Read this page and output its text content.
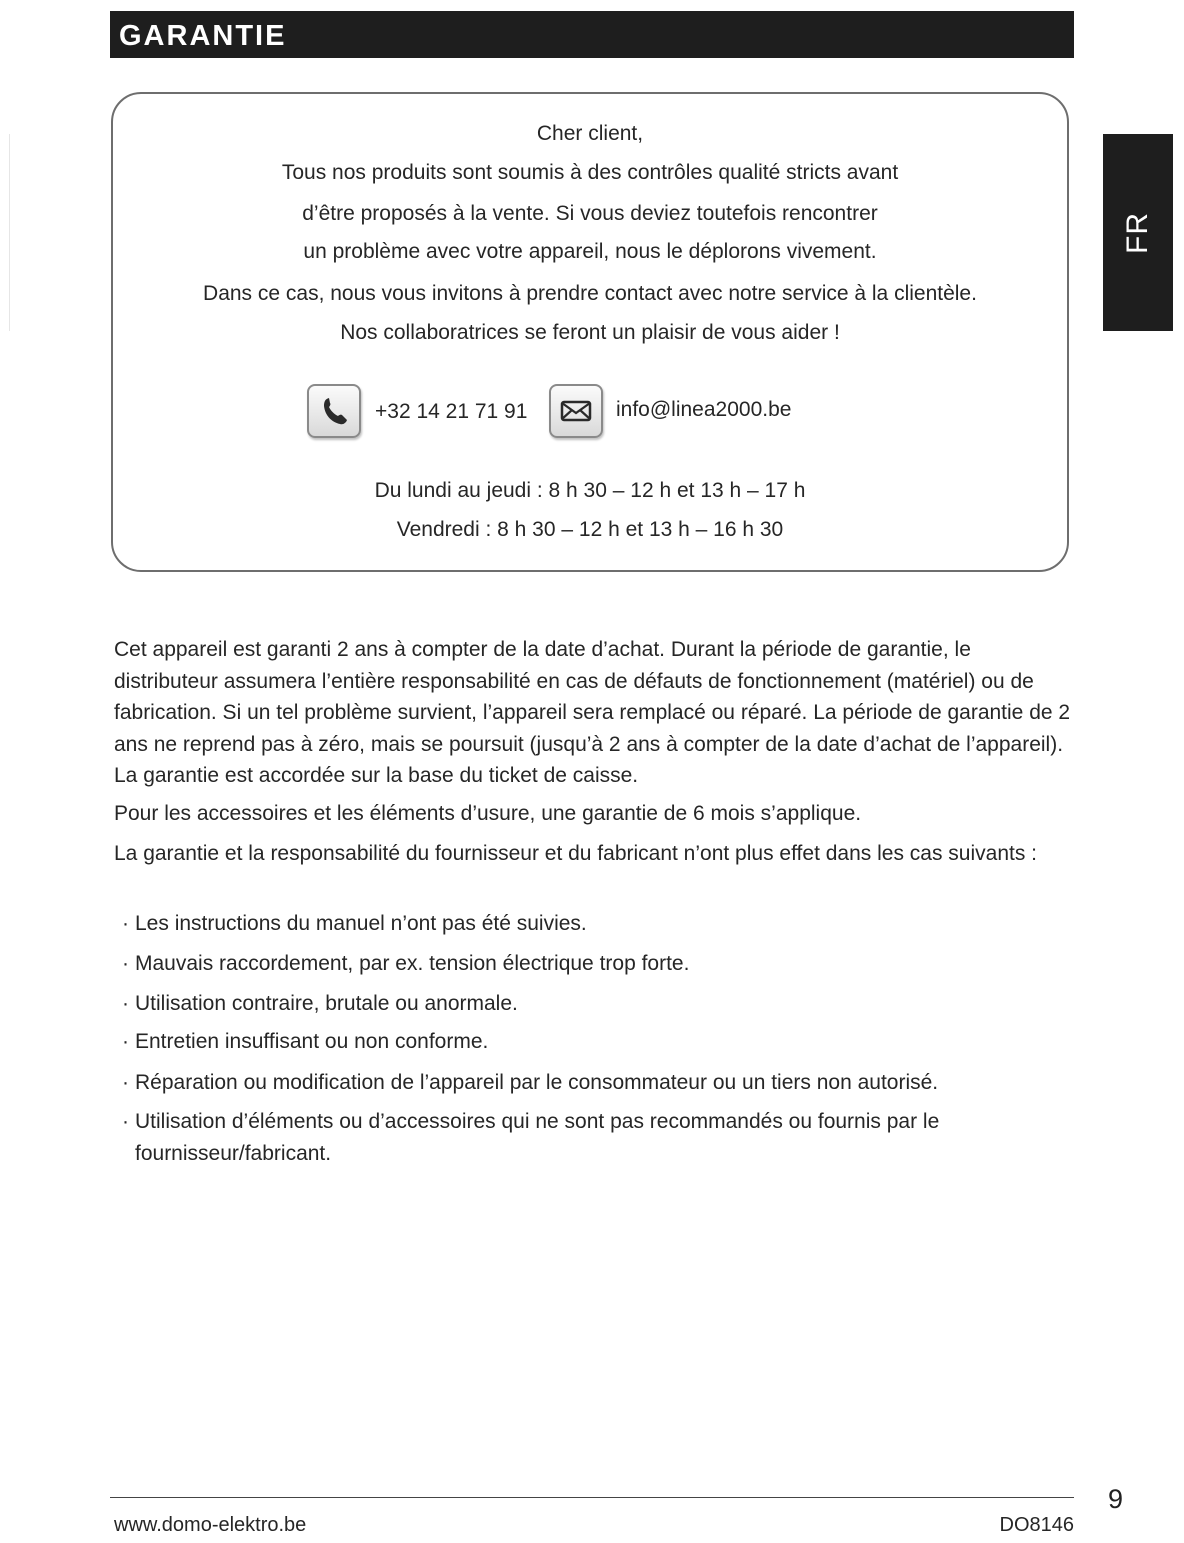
GARANTIE
FR
Cher client,
Tous nos produits sont soumis à des contrôles qualité stricts avant
d’être proposés à la vente. Si vous deviez toutefois rencontrer
un problème avec votre appareil, nous le déplorons vivement.
Dans ce cas, nous vous invitons à prendre contact avec notre service à la clientèle.
Nos collaboratrices se feront un plaisir de vous aider !
+32 14 21 71 91	info@linea2000.be
Du lundi au jeudi : 8 h 30 – 12 h et 13 h – 17 h
Vendredi : 8 h 30 – 12 h et 13 h – 16 h 30

Cet appareil est garanti 2 ans à compter de la date d’achat. Durant la période de garantie, le distributeur assumera l’entière responsabilité en cas de défauts de fonctionnement (matériel) ou de fabrication. Si un tel problème survient, l’appareil sera remplacé ou réparé. La période de garantie de 2 ans ne reprend pas à zéro, mais se poursuit (jusqu’à 2 ans à compter de la date d’achat de l’appareil). La garantie est accordée sur la base du ticket de caisse.

Pour les accessoires et les éléments d’usure, une garantie de 6 mois s’applique.

La garantie et la responsabilité du fournisseur et du fabricant n’ont plus effet dans les cas suivants :

· Les instructions du manuel n’ont pas été suivies.
· Mauvais raccordement, par ex. tension électrique trop forte.
· Utilisation contraire, brutale ou anormale.
· Entretien insuffisant ou non conforme.
· Réparation ou modification de l’appareil par le consommateur ou un tiers non autorisé.
· Utilisation d’éléments ou d’accessoires qui ne sont pas recommandés ou fournis par le fournisseur/fabricant.
9
www.domo-elektro.be	DO8146
